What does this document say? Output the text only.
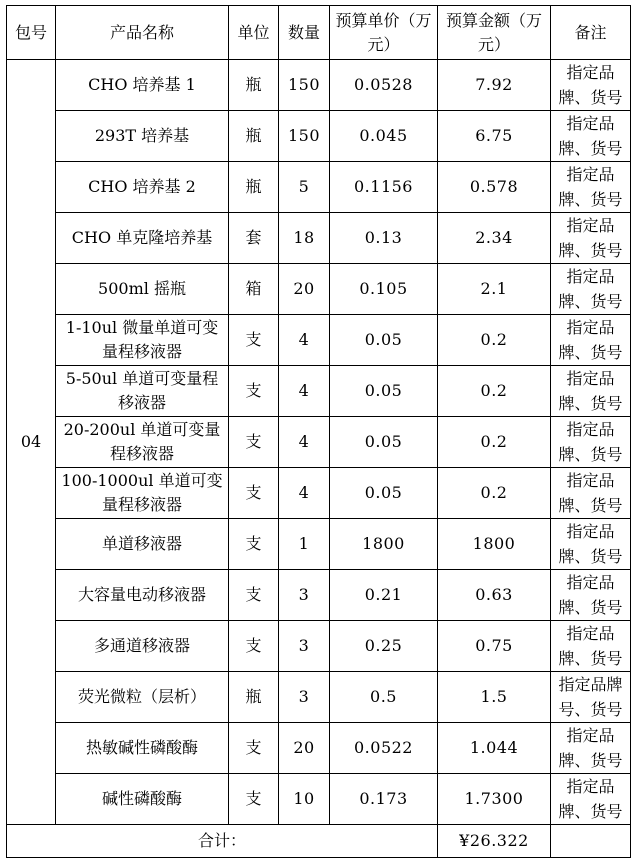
包号	产品名称	单位	数量	预算单价（万元）	预算金额（万元）	备注

04	CHO 培养基 1	瓶	150	0.0528	7.92	指定品牌、货号
	293T 培养基	瓶	150	0.045	6.75	指定品牌、货号
	CHO 培养基 2	瓶	5	0.1156	0.578	指定品牌、货号
	CHO 单克隆培养基	套	18	0.13	2.34	指定品牌、货号
	500ml 摇瓶	箱	20	0.105	2.1	指定品牌、货号
	1-10ul 微量单道可变量程移液器	支	4	0.05	0.2	指定品牌、货号
	5-50ul 单道可变量程移液器	支	4	0.05	0.2	指定品牌、货号
	20-200ul 单道可变量程移液器	支	4	0.05	0.2	指定品牌、货号
	100-1000ul 单道可变量程移液器	支	4	0.05	0.2	指定品牌、货号
	单道移液器	支	1	1800	1800	指定品牌、货号
	大容量电动移液器	支	3	0.21	0.63	指定品牌、货号
	多通道移液器	支	3	0.25	0.75	指定品牌、货号
	荧光微粒（层析）	瓶	3	0.5	1.5	指定品牌号、货号
	热敏碱性磷酸酶	支	20	0.0522	1.044	指定品牌、货号
	碱性磷酸酶	支	10	0.173	1.7300	指定品牌、货号
合计：					¥26.322	
